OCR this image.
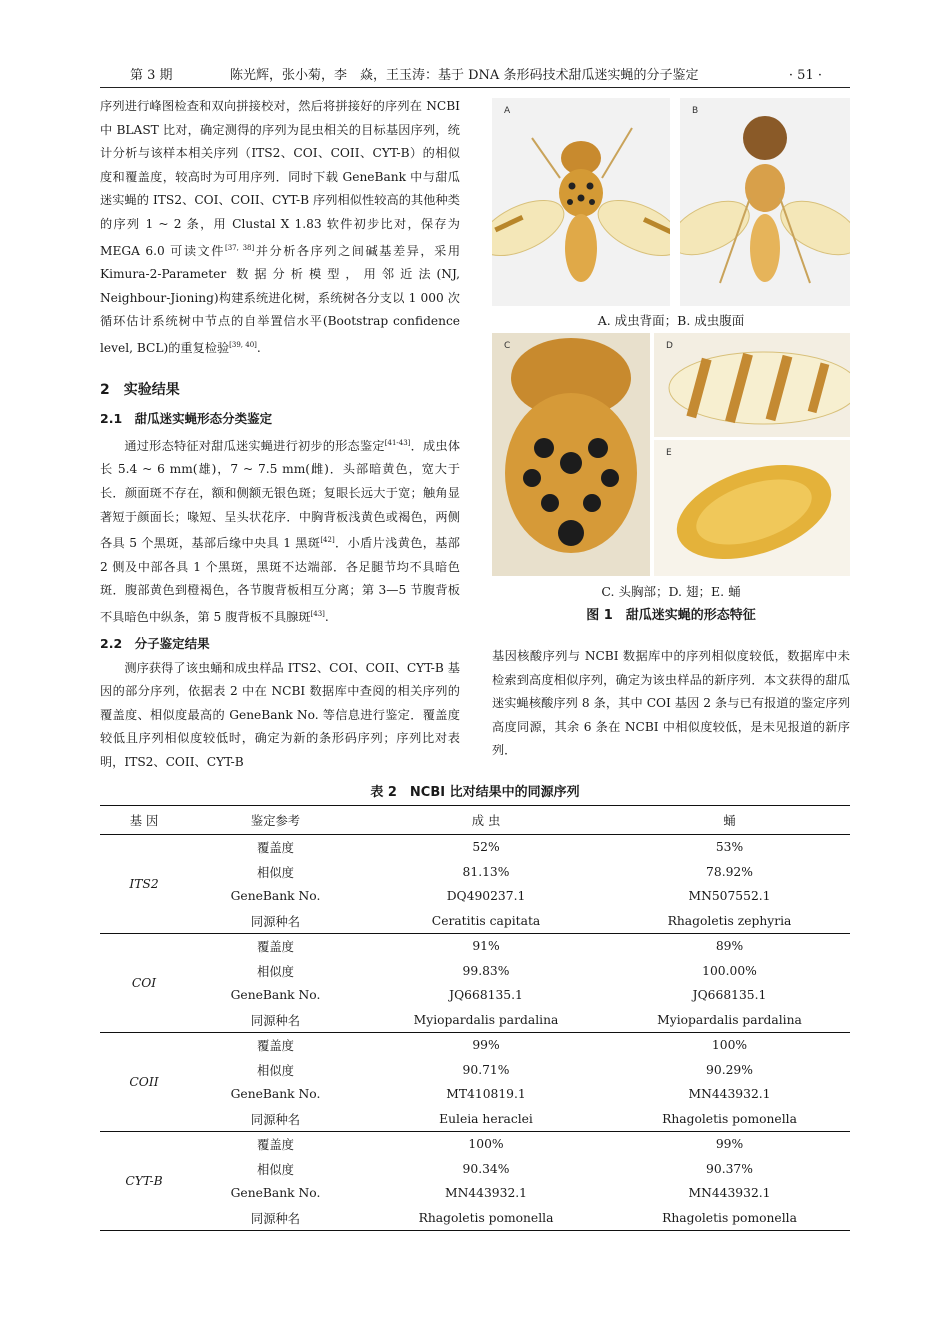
第 3 期	陈光辉，张小菊，李　焱，王玉涛：基于 DNA 条形码技术甜瓜迷实蝇的分子鉴定	· 51 ·

序列进行峰图检查和双向拼接校对，然后将拼接好的序列在 NCBI 中 BLAST 比对，确定测得的序列为昆虫相关的目标基因序列，统计分析与该样本相关序列（ITS2、COI、COII、CYT-B）的相似度和覆盖度，较高时为可用序列．同时下载 GeneBank 中与甜瓜迷实蝇的 ITS2、COI、COII、CYT-B 序列相似性较高的其他种类的序列 1 ~ 2 条，用 Clustal X 1.83 软件初步比对，保存为 MEGA 6.0 可读文件[37, 38]并分析各序列之间碱基差异，采用 Kimura-2-Parameter 数据分析模型，用邻近法(NJ, Neighbour-Jioning)构建系统进化树，系统树各分支以 1 000 次循环估计系统树中节点的自举置信水平(Bootstrap confidence level, BCL)的重复检验[39, 40].

2　实验结果
2.1　甜瓜迷实蝇形态分类鉴定

通过形态特征对甜瓜迷实蝇进行初步的形态鉴定[41-43]．成虫体长 5.4 ~ 6 mm(雄)，7 ~ 7.5 mm(雌)．头部暗黄色，宽大于长．颜面斑不存在，额和侧额无银色斑；复眼长远大于宽；触角显著短于颜面长；喙短、呈头状花序．中胸背板浅黄色或褐色，两侧各具 5 个黑斑，基部后缘中央具 1 黑斑[42]．小盾片浅黄色，基部 2 侧及中部各具 1 个黑斑，黑斑不达端部．各足腿节均不具暗色斑．腹部黄色到橙褐色，各节腹背板相互分离；第 3—5 节腹背板不具暗色中纵条，第 5 腹背板不具腺斑[43].

2.2　分子鉴定结果

测序获得了该虫蛹和成虫样品 ITS2、COI、COII、CYT-B 基因的部分序列，依据表 2 中在 NCBI 数据库中查阅的相关序列的覆盖度、相似度最高的 GeneBank No. 等信息进行鉴定．覆盖度较低且序列相似度较低时，确定为新的条形码序列；序列比对表明，ITS2、COII、CYT-B

A	B
A. 成虫背面；B. 成虫腹面
C	D
E
C. 头胸部；D. 翅；E. 蛹
图 1　甜瓜迷实蝇的形态特征

基因核酸序列与 NCBI 数据库中的序列相似度较低，数据库中未检索到高度相似序列，确定为该虫样品的新序列．本文获得的甜瓜迷实蝇核酸序列 8 条，其中 COI 基因 2 条与已有报道的鉴定序列高度同源，其余 6 条在 NCBI 中相似度较低，是未见报道的新序列．

表 2　NCBI 比对结果中的同源序列
基 因	鉴定参考	成 虫	蛹
ITS2	覆盖度	52%	53%
	相似度	81.13%	78.92%
	GeneBank No.	DQ490237.1	MN507552.1
	同源种名	Ceratitis capitata	Rhagoletis zephyria
COI	覆盖度	91%	89%
	相似度	99.83%	100.00%
	GeneBank No.	JQ668135.1	JQ668135.1
	同源种名	Myiopardalis pardalina	Myiopardalis pardalina
COII	覆盖度	99%	100%
	相似度	90.71%	90.29%
	GeneBank No.	MT410819.1	MN443932.1
	同源种名	Euleia heraclei	Rhagoletis pomonella
CYT-B	覆盖度	100%	99%
	相似度	90.34%	90.37%
	GeneBank No.	MN443932.1	MN443932.1
	同源种名	Rhagoletis pomonella	Rhagoletis pomonella
